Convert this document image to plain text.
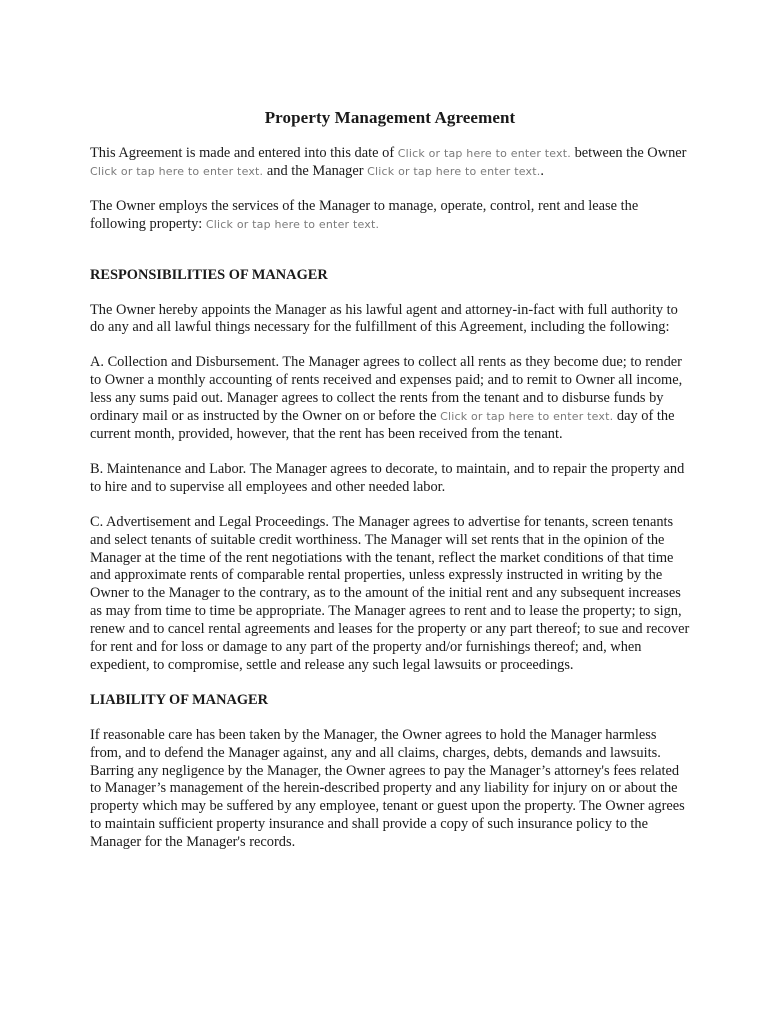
Property Management Agreement

This Agreement is made and entered into this date of Click or tap here to enter text. between the Owner Click or tap here to enter text. and the Manager Click or tap here to enter text..

The Owner employs the services of the Manager to manage, operate, control, rent and lease the following property: Click or tap here to enter text.

RESPONSIBILITIES OF MANAGER

The Owner hereby appoints the Manager as his lawful agent and attorney-in-fact with full authority to do any and all lawful things necessary for the fulfillment of this Agreement, including the following:

A. Collection and Disbursement. The Manager agrees to collect all rents as they become due; to render to Owner a monthly accounting of rents received and expenses paid; and to remit to Owner all income, less any sums paid out. Manager agrees to collect the rents from the tenant and to disburse funds by ordinary mail or as instructed by the Owner on or before the Click or tap here to enter text. day of the current month, provided, however, that the rent has been received from the tenant.

B. Maintenance and Labor. The Manager agrees to decorate, to maintain, and to repair the property and to hire and to supervise all employees and other needed labor.

C. Advertisement and Legal Proceedings. The Manager agrees to advertise for tenants, screen tenants and select tenants of suitable credit worthiness. The Manager will set rents that in the opinion of the Manager at the time of the rent negotiations with the tenant, reflect the market conditions of that time and approximate rents of comparable rental properties, unless expressly instructed in writing by the Owner to the Manager to the contrary, as to the amount of the initial rent and any subsequent increases as may from time to time be appropriate. The Manager agrees to rent and to lease the property; to sign, renew and to cancel rental agreements and leases for the property or any part thereof; to sue and recover for rent and for loss or damage to any part of the property and/or furnishings thereof; and, when expedient, to compromise, settle and release any such legal lawsuits or proceedings.

LIABILITY OF MANAGER

If reasonable care has been taken by the Manager, the Owner agrees to hold the Manager harmless from, and to defend the Manager against, any and all claims, charges, debts, demands and lawsuits. Barring any negligence by the Manager, the Owner agrees to pay the Manager’s attorney's fees related to Manager’s management of the herein-described property and any liability for injury on or about the property which may be suffered by any employee, tenant or guest upon the property. The Owner agrees to maintain sufficient property insurance and shall provide a copy of such insurance policy to the Manager for the Manager's records.
